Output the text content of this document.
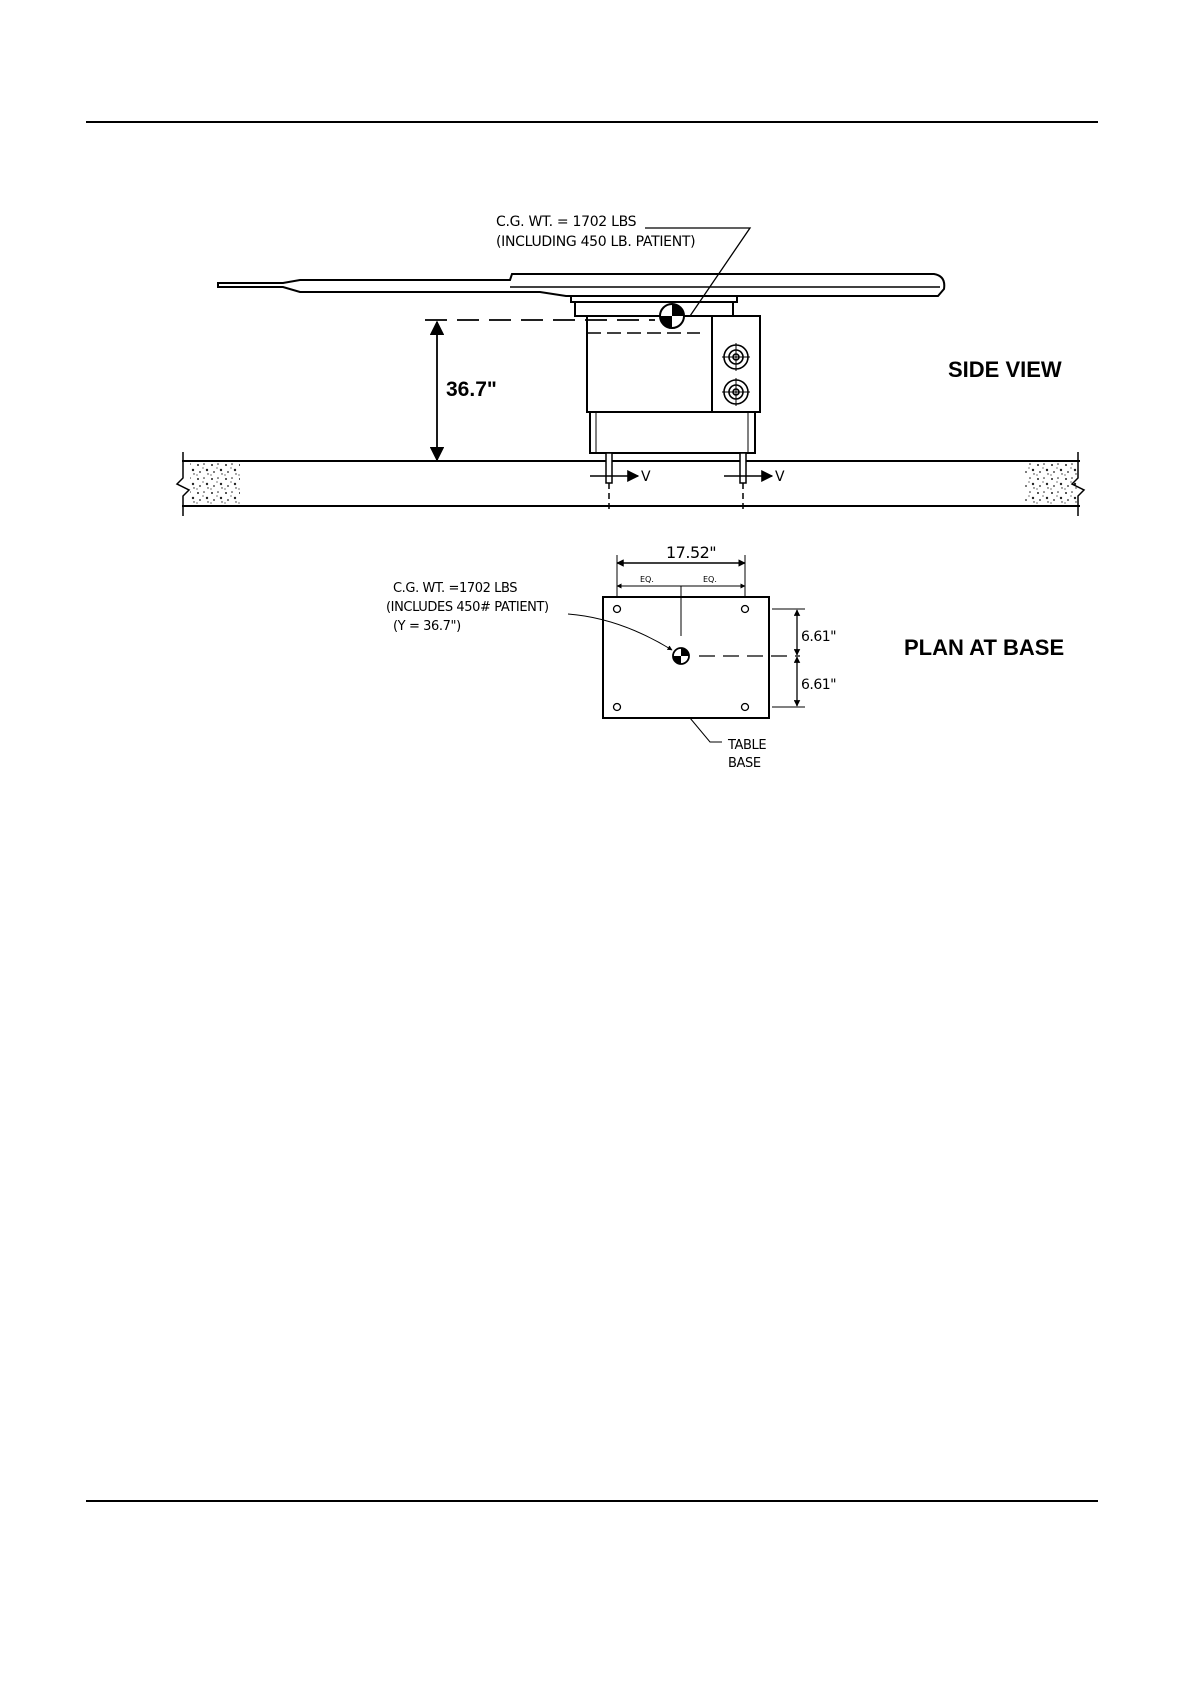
C.G. WT. = 1702 LBS
(INCLUDING 450 LB. PATIENT)
36.7"
V	V
SIDE VIEW
17.52"
EQ.	EQ.
C.G. WT. =1702 LBS
(INCLUDES 450# PATIENT)
(Y = 36.7")
6.61"
6.61"
TABLE
BASE
PLAN AT BASE
